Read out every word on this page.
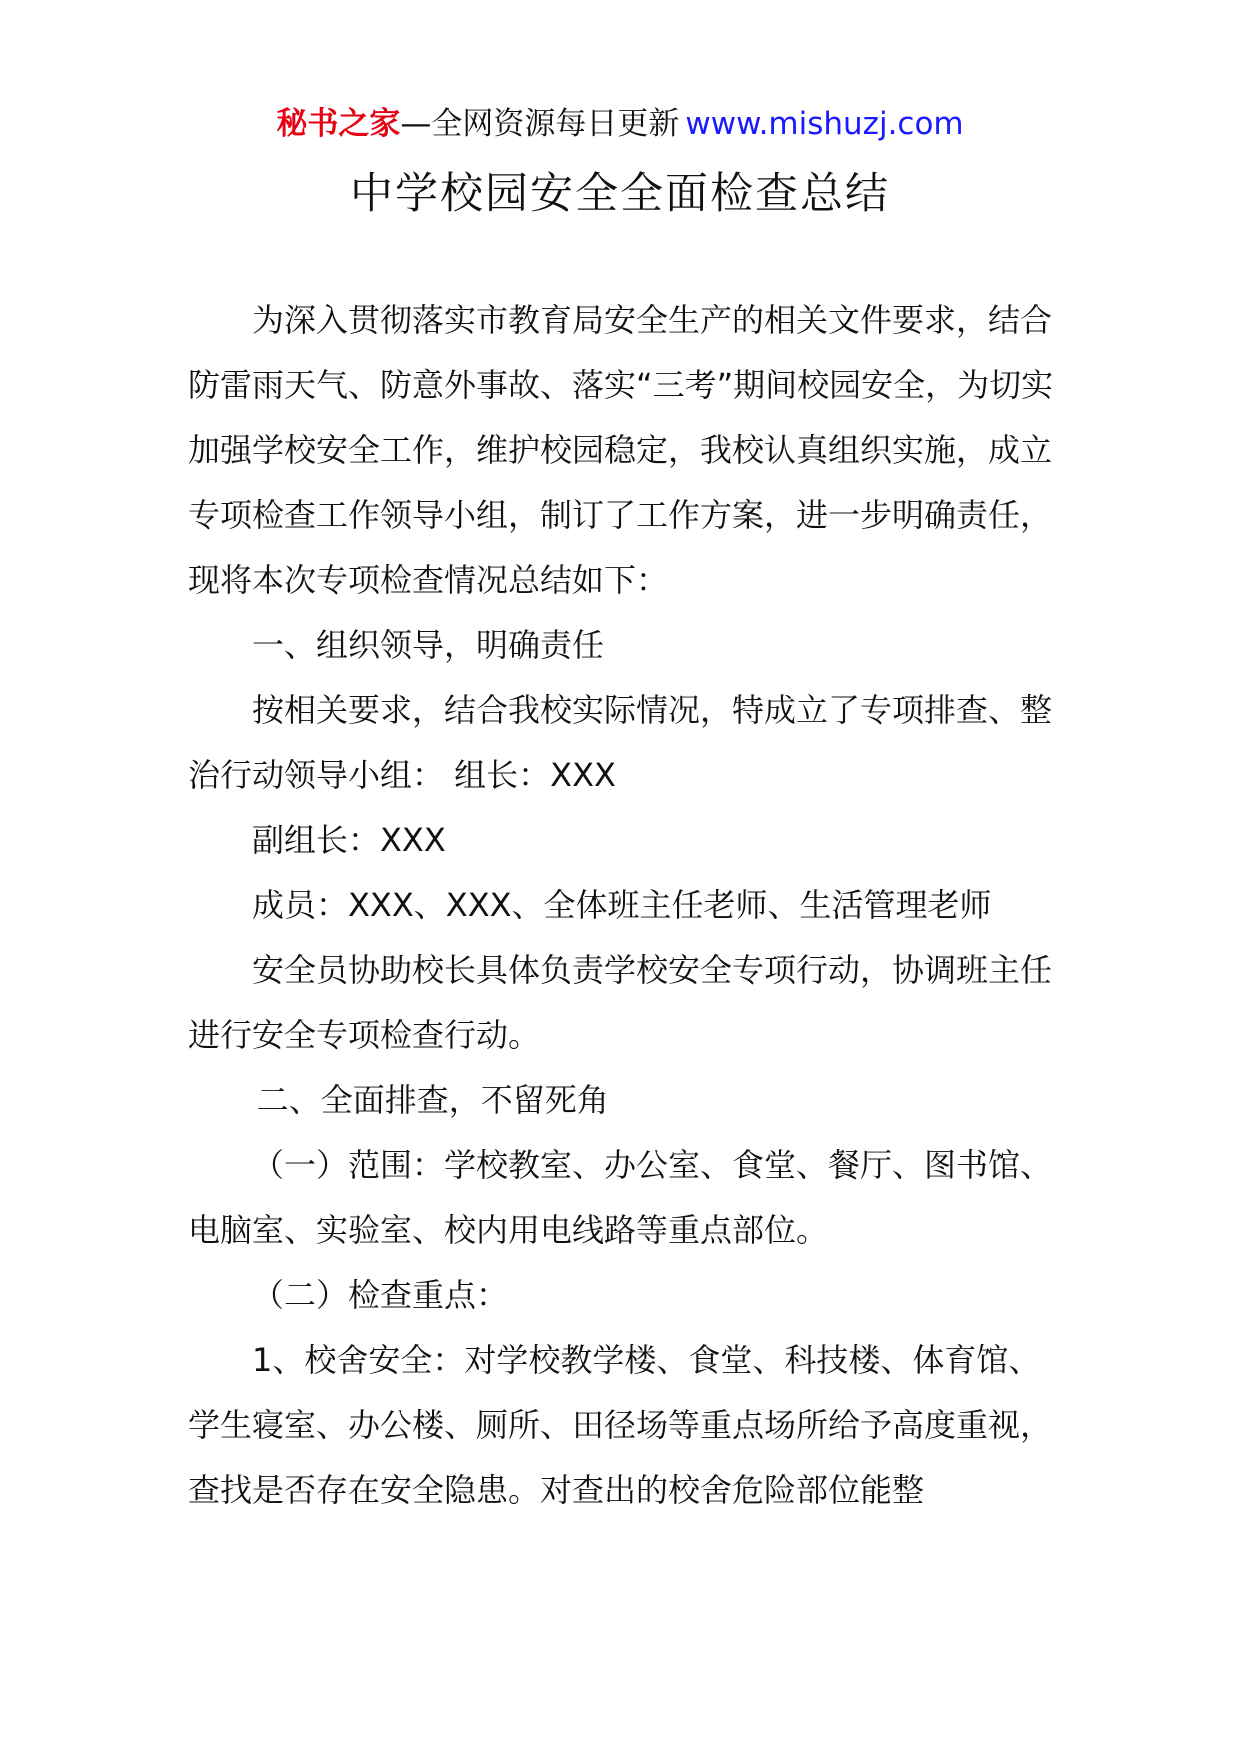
秘书之家—全网资源每日更新 www.mishuzj.com
中学校园安全全面检查总结

为深入贯彻落实市教育局安全生产的相关文件要求，结合防雷雨天气、防意外事故、落实“三考”期间校园安全，为切实加强学校安全工作，维护校园稳定，我校认真组织实施，成立专项检查工作领导小组，制订了工作方案，进一步明确责任，现将本次专项检查情况总结如下：

一、组织领导，明确责任

按相关要求，结合我校实际情况，特成立了专项排查、整治行动领导小组： 组长：XXX

副组长：XXX

成员：XXX、XXX、全体班主任老师、生活管理老师

安全员协助校长具体负责学校安全专项行动，协调班主任进行安全专项检查行动。

二、全面排查，不留死角

（一）范围：学校教室、办公室、食堂、餐厅、图书馆、电脑室、实验室、校内用电线路等重点部位。

（二）检查重点：

1、校舍安全：对学校教学楼、食堂、科技楼、体育馆、学生寝室、办公楼、厕所、田径场等重点场所给予高度重视，查找是否存在安全隐患。对查出的校舍危险部位能整
